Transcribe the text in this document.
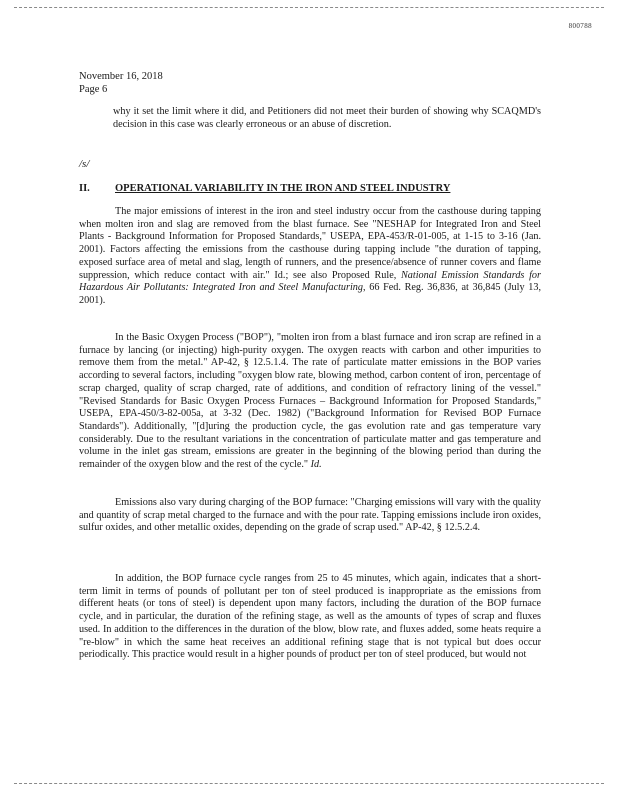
800788
November 16, 2018
Page 6

why it set the limit where it did, and Petitioners did not meet their burden of showing why SCAQMD's decision in this case was clearly erroneous or an abuse of discretion.

/s/
II. OPERATIONAL VARIABILITY IN THE IRON AND STEEL INDUSTRY

The major emissions of interest in the iron and steel industry occur from the casthouse during tapping when molten iron and slag are removed from the blast furnace. See "NESHAP for Integrated Iron and Steel Plants - Background Information for Proposed Standards," USEPA, EPA-453/R-01-005, at 1-15 to 3-16 (Jan. 2001). Factors affecting the emissions from the casthouse during tapping include "the duration of tapping, exposed surface area of metal and slag, length of runners, and the presence/absence of runner covers and flame suppression, which reduce contact with air." Id.; see also Proposed Rule, National Emission Standards for Hazardous Air Pollutants: Integrated Iron and Steel Manufacturing, 66 Fed. Reg. 36,836, at 36,845 (July 13, 2001).

In the Basic Oxygen Process ("BOP"), "molten iron from a blast furnace and iron scrap are refined in a furnace by lancing (or injecting) high-purity oxygen. The oxygen reacts with carbon and other impurities to remove them from the metal." AP-42, § 12.5.1.4. The rate of particulate matter emissions in the BOP varies according to several factors, including "oxygen blow rate, blowing method, carbon content of iron, percentage of scrap charged, quality of scrap charged, rate of additions, and condition of refractory lining of the vessel." "Revised Standards for Basic Oxygen Process Furnaces – Background Information for Proposed Standards," USEPA, EPA-450/3-82-005a, at 3-32 (Dec. 1982) ("Background Information for Revised BOP Furnace Standards"). Additionally, "[d]uring the production cycle, the gas evolution rate and gas temperature vary considerably. Due to the resultant variations in the concentration of particulate matter and gas temperature and volume in the inlet gas stream, emissions are greater in the beginning of the blowing period than during the remainder of the oxygen blow and the rest of the cycle." Id.

Emissions also vary during charging of the BOP furnace: "Charging emissions will vary with the quality and quantity of scrap metal charged to the furnace and with the pour rate. Tapping emissions include iron oxides, sulfur oxides, and other metallic oxides, depending on the grade of scrap used." AP-42, § 12.5.2.4.

In addition, the BOP furnace cycle ranges from 25 to 45 minutes, which again, indicates that a short-term limit in terms of pounds of pollutant per ton of steel produced is inappropriate as the emissions from different heats (or tons of steel) is dependent upon many factors, including the duration of the BOP furnace cycle, and in particular, the duration of the refining stage, as well as the amounts of types of scrap and fluxes used. In addition to the differences in the duration of the blow, blow rate, and fluxes added, some heats require a "re-blow" in which the same heat receives an additional refining stage that is not typical but does occur periodically. This practice would result in a higher pounds of product per ton of steel produced, but would not
